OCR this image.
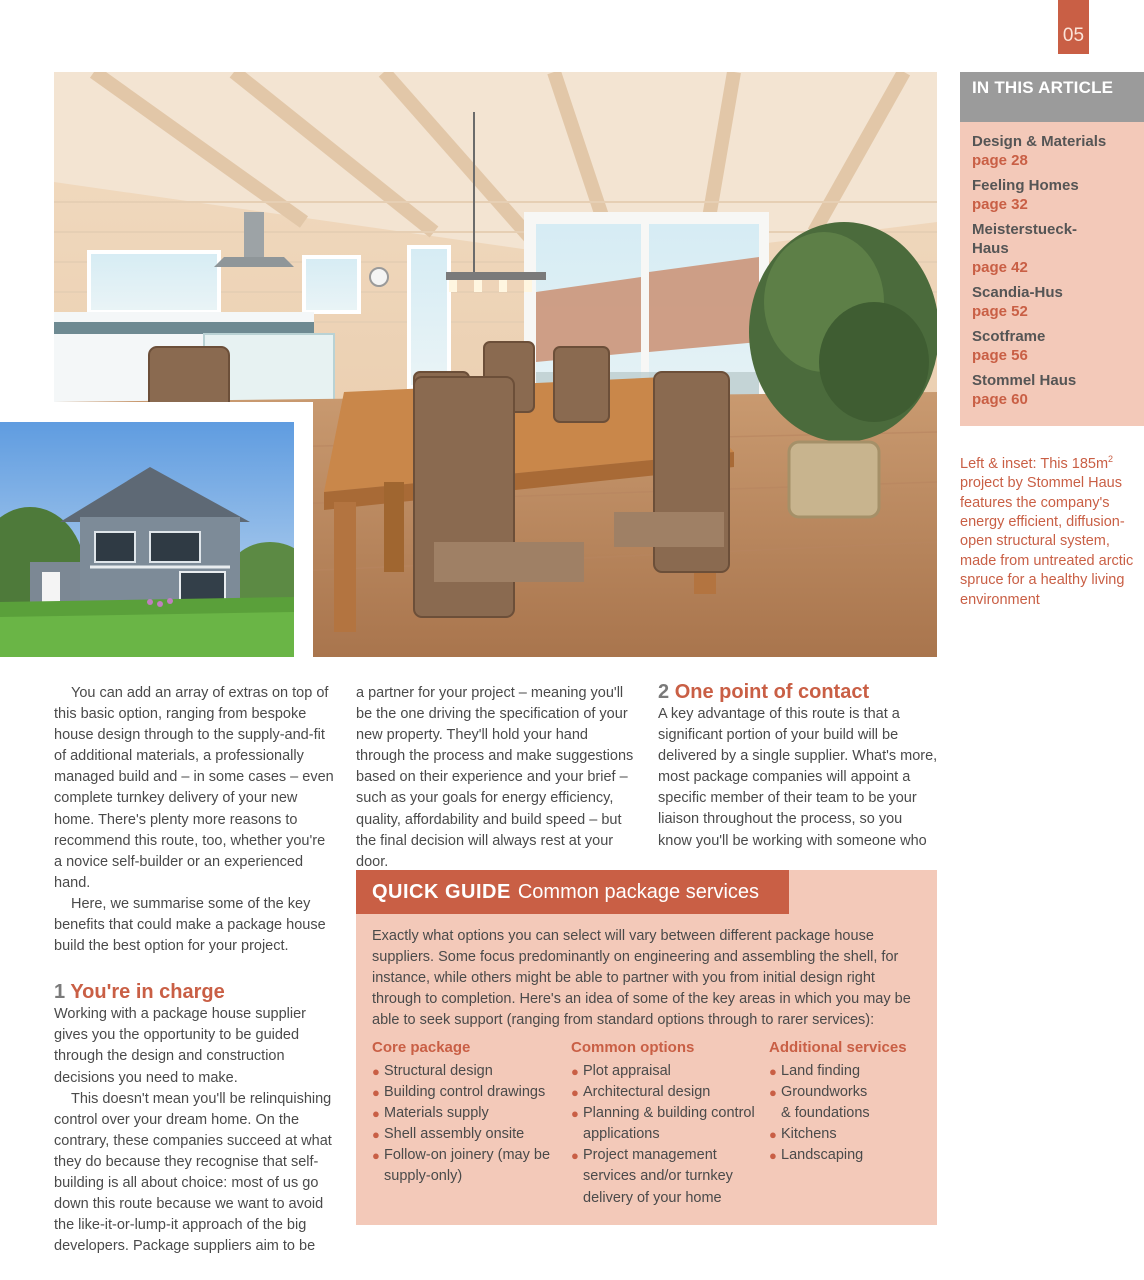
05
IN THIS ARTICLE
Design & Materials
page 28
Feeling Homes
page 32
Meisterstueck-Haus
page 42
Scandia-Hus
page 52
Scotframe
page 56
Stommel Haus
page 60
Left & inset: This $185m^2$ project by Stommel Haus features the company's energy efficient, diffusion-open structural system, made from untreated arctic spruce for a healthy living environment

You can add an array of extras on top of this basic option, ranging from bespoke house design through to the supply-and-fit of additional materials, a professionally managed build and – in some cases – even complete turnkey delivery of your new home. There's plenty more reasons to recommend this route, too, whether you're a novice self-builder or an experienced hand.

Here, we summarise some of the key benefits that could make a package house build the best option for your project.

1 You're in charge

Working with a package house supplier gives you the opportunity to be guided through the design and construction decisions you need to make.

This doesn't mean you'll be relinquishing control over your dream home. On the contrary, these companies succeed at what they do because they recognise that self-building is all about choice: most of us go down this route because we want to avoid the like-it-or-lump-it approach of the big developers. Package suppliers aim to be

a partner for your project – meaning you'll be the one driving the specification of your new property. They'll hold your hand through the process and make suggestions based on their experience and your brief – such as your goals for energy efficiency, quality, affordability and build speed – but the final decision will always rest at your door.

2 One point of contact

A key advantage of this route is that a significant portion of your build will be delivered by a single supplier. What's more, most package companies will appoint a specific member of their team to be your liaison throughout the process, so you know you'll be working with someone who

QUICK GUIDE Common package services

Exactly what options you can select will vary between different package house suppliers. Some focus predominantly on engineering and assembling the shell, for instance, while others might be able to partner with you from initial design right through to completion. Here's an idea of some of the key areas in which you may be able to seek support (ranging from standard options through to rarer services):

Core package
● Structural design
● Building control drawings
● Materials supply
● Shell assembly onsite
● Follow-on joinery (may be supply-only)
Common options
● Plot appraisal
● Architectural design
● Planning & building control applications
● Project management services and/or turnkey delivery of your home
Additional services
● Land finding
● Groundworks & foundations
● Kitchens
● Landscaping
